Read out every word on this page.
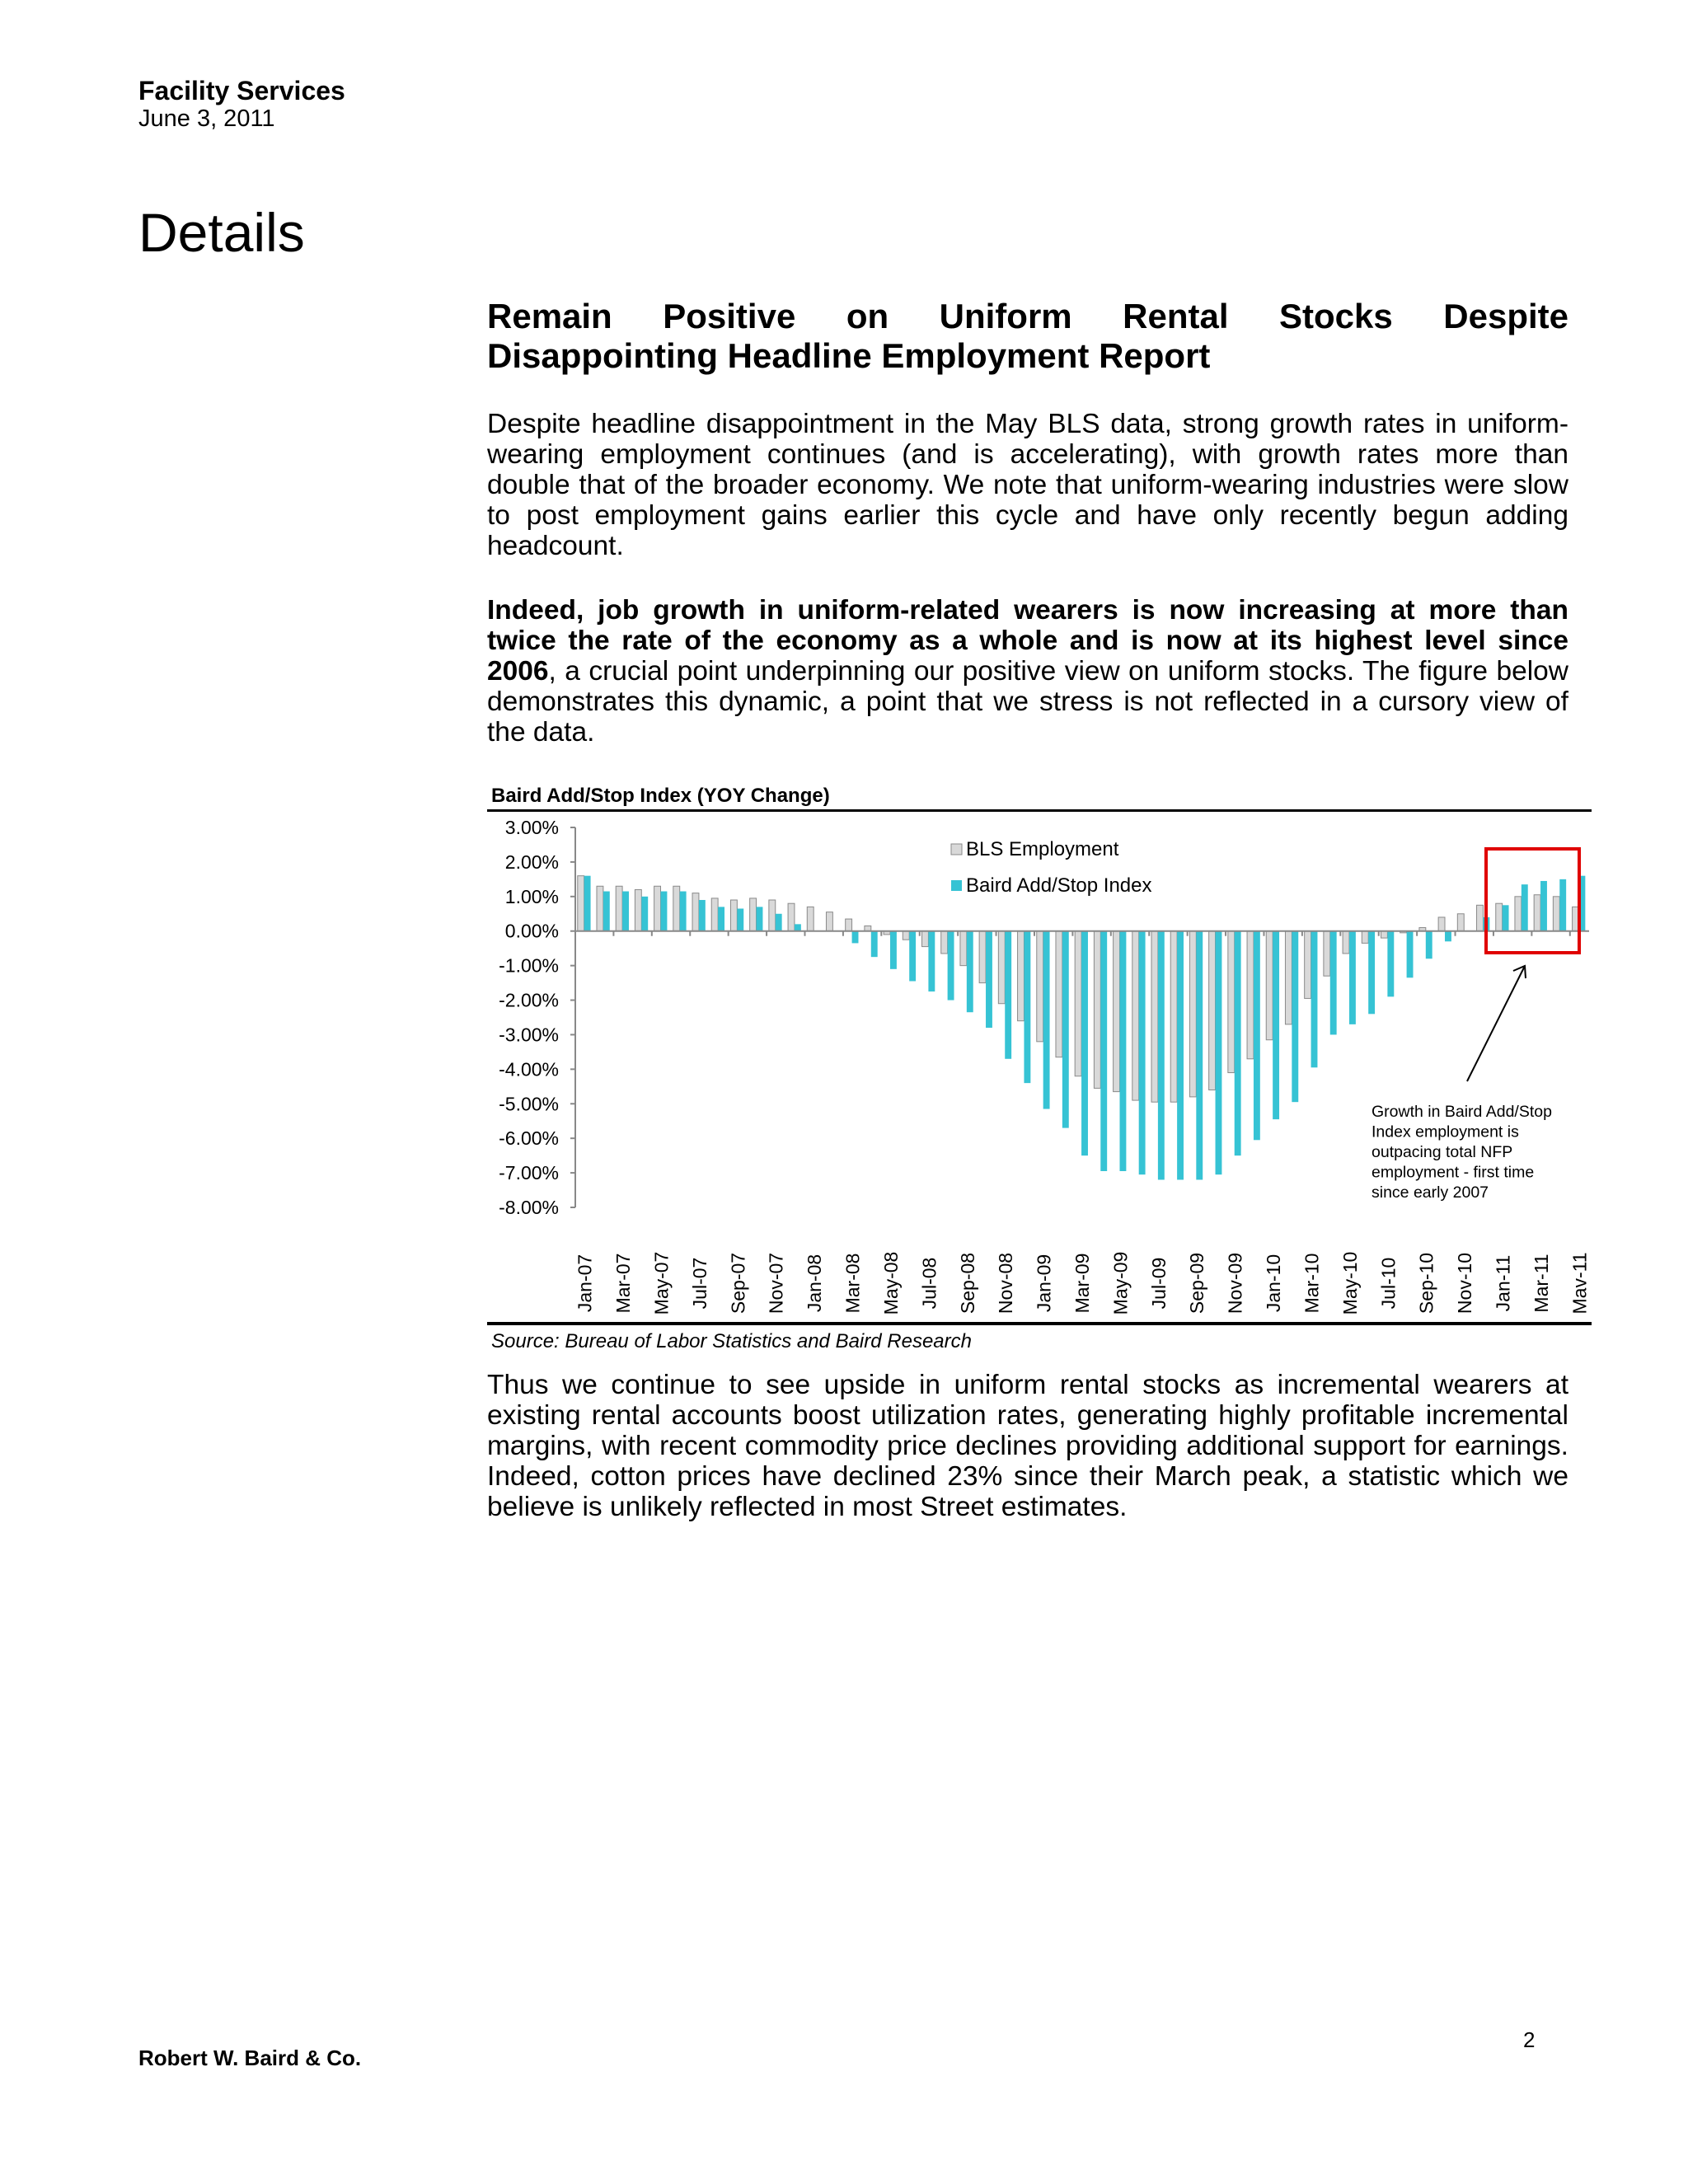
Facility Services
June 3, 2011
Details
Remain Positive on Uniform Rental Stocks Despite
Disappointing Headline Employment Report
Despite headline disappointment in the May BLS data, strong growth rates in uniform-wearing employment continues (and is accelerating), with growth rates more than double that of the broader economy. We note that uniform-wearing industries were slow to post employment gains earlier this cycle and have only recently begun adding headcount.
Indeed, job growth in uniform-related wearers is now increasing at more than twice the rate of the economy as a whole and is now at its highest level since 2006, a crucial point underpinning our positive view on uniform stocks. The figure below demonstrates this dynamic, a point that we stress is not reflected in a cursory view of the data.
Baird Add/Stop Index (YOY Change)
3.00%
2.00%
1.00%
0.00%
-1.00%
-2.00%
-3.00%
-4.00%
-5.00%
-6.00%
-7.00%
-8.00%
Jan-07 Mar-07 May-07 Jul-07 Sep-07 Nov-07 Jan-08 Mar-08 May-08 Jul-08 Sep-08 Nov-08 Jan-09 Mar-09 May-09 Jul-09 Sep-09 Nov-09 Jan-10 Mar-10 May-10 Jul-10 Sep-10 Nov-10 Jan-11 Mar-11 Mav-11
BLS Employment
Baird Add/Stop Index
Growth in Baird Add/Stop
Index employment is
outpacing total NFP
employment - first time
since early 2007
Source: Bureau of Labor Statistics and Baird Research
Thus we continue to see upside in uniform rental stocks as incremental wearers at existing rental accounts boost utilization rates, generating highly profitable incremental margins, with recent commodity price declines providing additional support for earnings. Indeed, cotton prices have declined 23% since their March peak, a statistic which we believe is unlikely reflected in most Street estimates.
2
Robert W. Baird & Co.
